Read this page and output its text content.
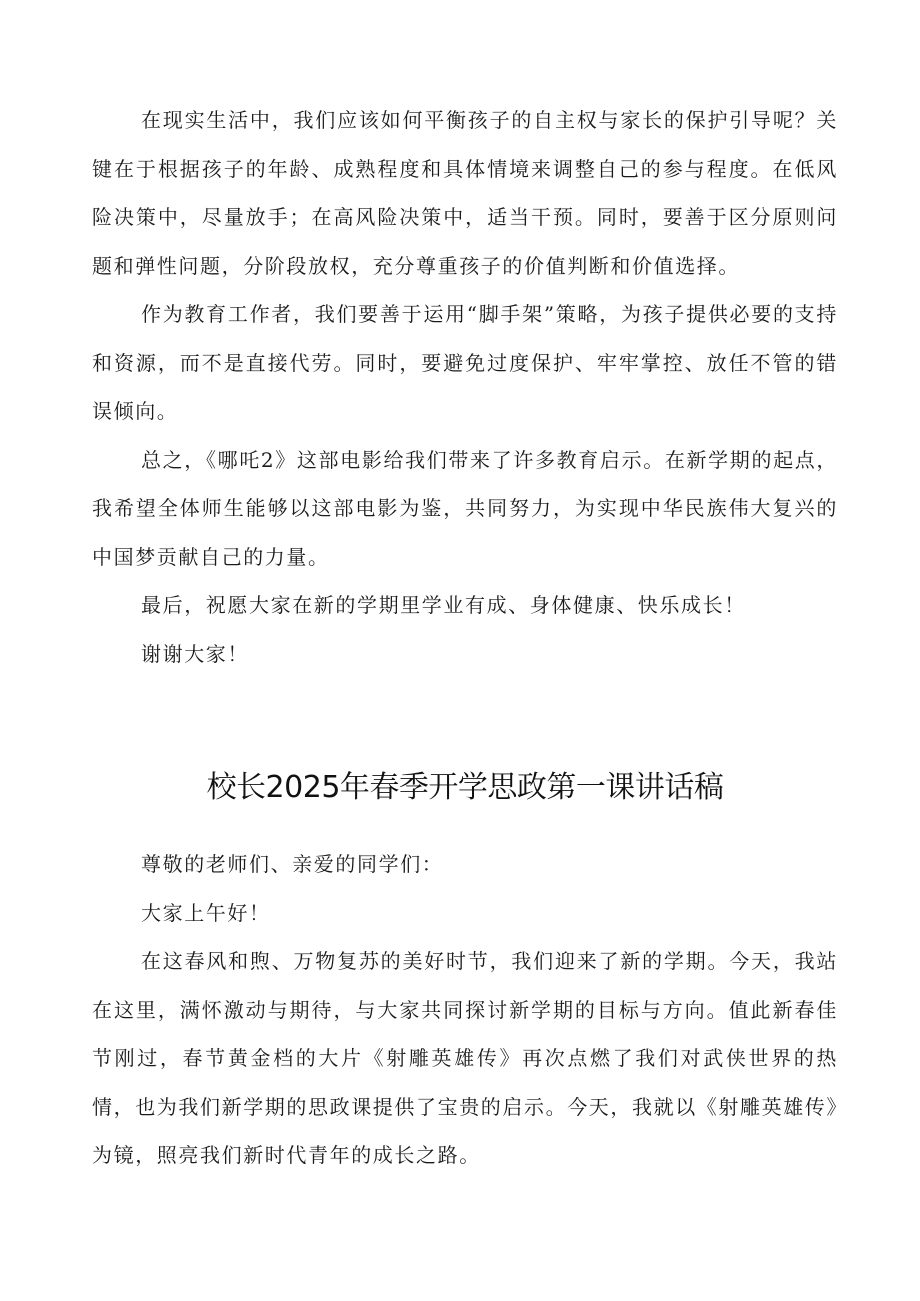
在现实生活中，我们应该如何平衡孩子的自主权与家长的保护引导呢？关键在于根据孩子的年龄、成熟程度和具体情境来调整自己的参与程度。在低风险决策中，尽量放手；在高风险决策中，适当干预。同时，要善于区分原则问题和弹性问题，分阶段放权，充分尊重孩子的价值判断和价值选择。

作为教育工作者，我们要善于运用“脚手架”策略，为孩子提供必要的支持和资源，而不是直接代劳。同时，要避免过度保护、牢牢掌控、放任不管的错误倾向。

总之，《哪吒2》这部电影给我们带来了许多教育启示。在新学期的起点，我希望全体师生能够以这部电影为鉴，共同努力，为实现中华民族伟大复兴的中国梦贡献自己的力量。

最后，祝愿大家在新的学期里学业有成、身体健康、快乐成长！

谢谢大家！

校长2025年春季开学思政第一课讲话稿

尊敬的老师们、亲爱的同学们：

大家上午好！

在这春风和煦、万物复苏的美好时节，我们迎来了新的学期。今天，我站在这里，满怀激动与期待，与大家共同探讨新学期的目标与方向。值此新春佳节刚过，春节黄金档的大片《射雕英雄传》再次点燃了我们对武侠世界的热情，也为我们新学期的思政课提供了宝贵的启示。今天，我就以《射雕英雄传》为镜，照亮我们新时代青年的成长之路。
